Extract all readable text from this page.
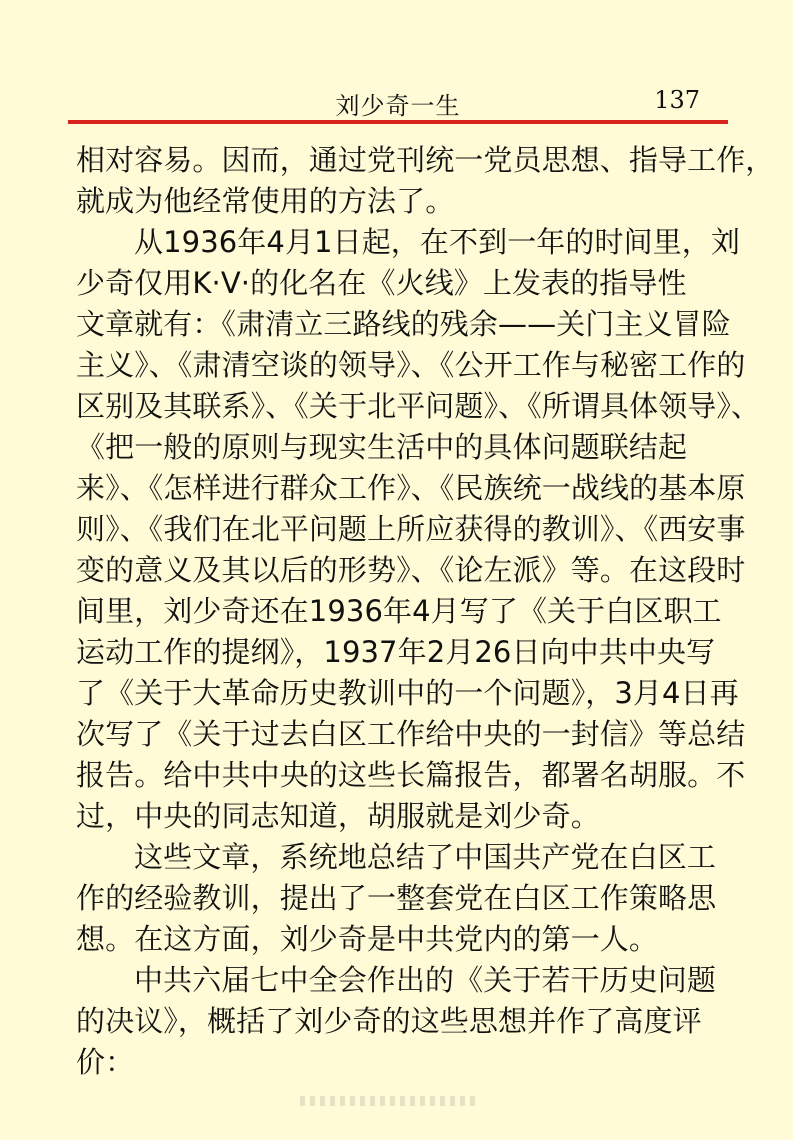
刘少奇一生	137
相对容易。因而，通过党刊统一党员思想、指导工作，
就成为他经常使用的方法了。
从1936年4月1日起，在不到一年的时间里，刘
少奇仅用K·V·的化名在《火线》上发表的指导性
文章就有：《肃清立三路线的残余——关门主义冒险
主义》、《肃清空谈的领导》、《公开工作与秘密工作的
区别及其联系》、《关于北平问题》、《所谓具体领导》、
《把一般的原则与现实生活中的具体问题联结起
来》、《怎样进行群众工作》、《民族统一战线的基本原
则》、《我们在北平问题上所应获得的教训》、《西安事
变的意义及其以后的形势》、《论左派》等。在这段时
间里，刘少奇还在1936年4月写了《关于白区职工
运动工作的提纲》，1937年2月26日向中共中央写
了《关于大革命历史教训中的一个问题》，3月4日再
次写了《关于过去白区工作给中央的一封信》等总结
报告。给中共中央的这些长篇报告，都署名胡服。不
过，中央的同志知道，胡服就是刘少奇。
这些文章，系统地总结了中国共产党在白区工
作的经验教训，提出了一整套党在白区工作策略思
想。在这方面，刘少奇是中共党内的第一人。
中共六届七中全会作出的《关于若干历史问题
的决议》，概括了刘少奇的这些思想并作了高度评
价：
